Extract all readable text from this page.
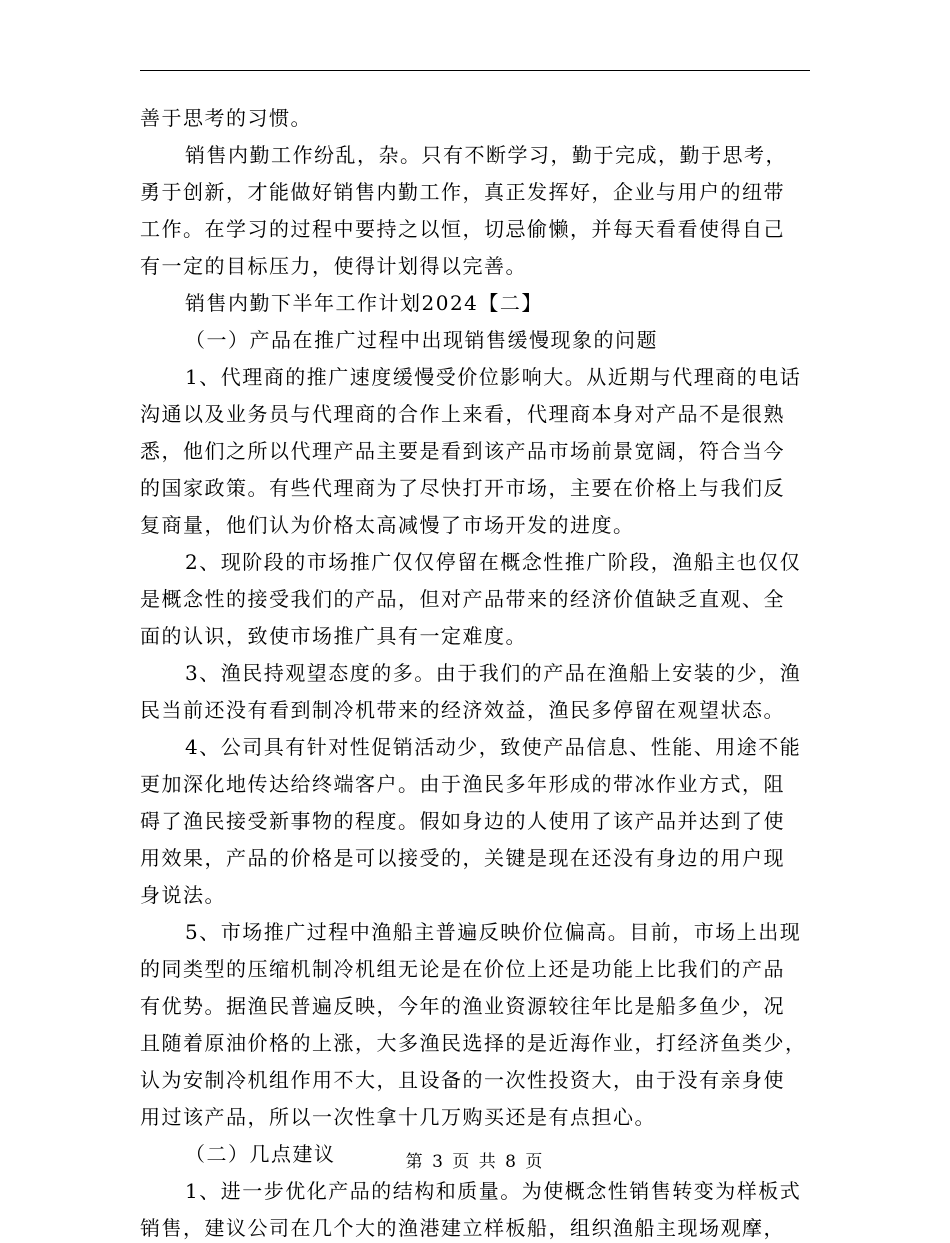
善于思考的习惯。
销售内勤工作纷乱，杂。只有不断学习，勤于完成，勤于思考，
勇于创新，才能做好销售内勤工作，真正发挥好，企业与用户的纽带
工作。在学习的过程中要持之以恒，切忌偷懒，并每天看看使得自己
有一定的目标压力，使得计划得以完善。
销售内勤下半年工作计划2024【二】
（一）产品在推广过程中出现销售缓慢现象的问题
1、代理商的推广速度缓慢受价位影响大。从近期与代理商的电话
沟通以及业务员与代理商的合作上来看，代理商本身对产品不是很熟
悉，他们之所以代理产品主要是看到该产品市场前景宽阔，符合当今
的国家政策。有些代理商为了尽快打开市场，主要在价格上与我们反
复商量，他们认为价格太高减慢了市场开发的进度。
2、现阶段的市场推广仅仅停留在概念性推广阶段，渔船主也仅仅
是概念性的接受我们的产品，但对产品带来的经济价值缺乏直观、全
面的认识，致使市场推广具有一定难度。
3、渔民持观望态度的多。由于我们的产品在渔船上安装的少，渔
民当前还没有看到制冷机带来的经济效益，渔民多停留在观望状态。
4、公司具有针对性促销活动少，致使产品信息、性能、用途不能
更加深化地传达给终端客户。由于渔民多年形成的带冰作业方式，阻
碍了渔民接受新事物的程度。假如身边的人使用了该产品并达到了使
用效果，产品的价格是可以接受的，关键是现在还没有身边的用户现
身说法。
5、市场推广过程中渔船主普遍反映价位偏高。目前，市场上出现
的同类型的压缩机制冷机组无论是在价位上还是功能上比我们的产品
有优势。据渔民普遍反映，今年的渔业资源较往年比是船多鱼少，况
且随着原油价格的上涨，大多渔民选择的是近海作业，打经济鱼类少，
认为安制冷机组作用不大，且设备的一次性投资大，由于没有亲身使
用过该产品，所以一次性拿十几万购买还是有点担心。
（二）几点建议
1、进一步优化产品的结构和质量。为使概念性销售转变为样板式
销售，建议公司在几个大的渔港建立样板船，组织渔船主现场观摩，
第 3 页 共 8 页
